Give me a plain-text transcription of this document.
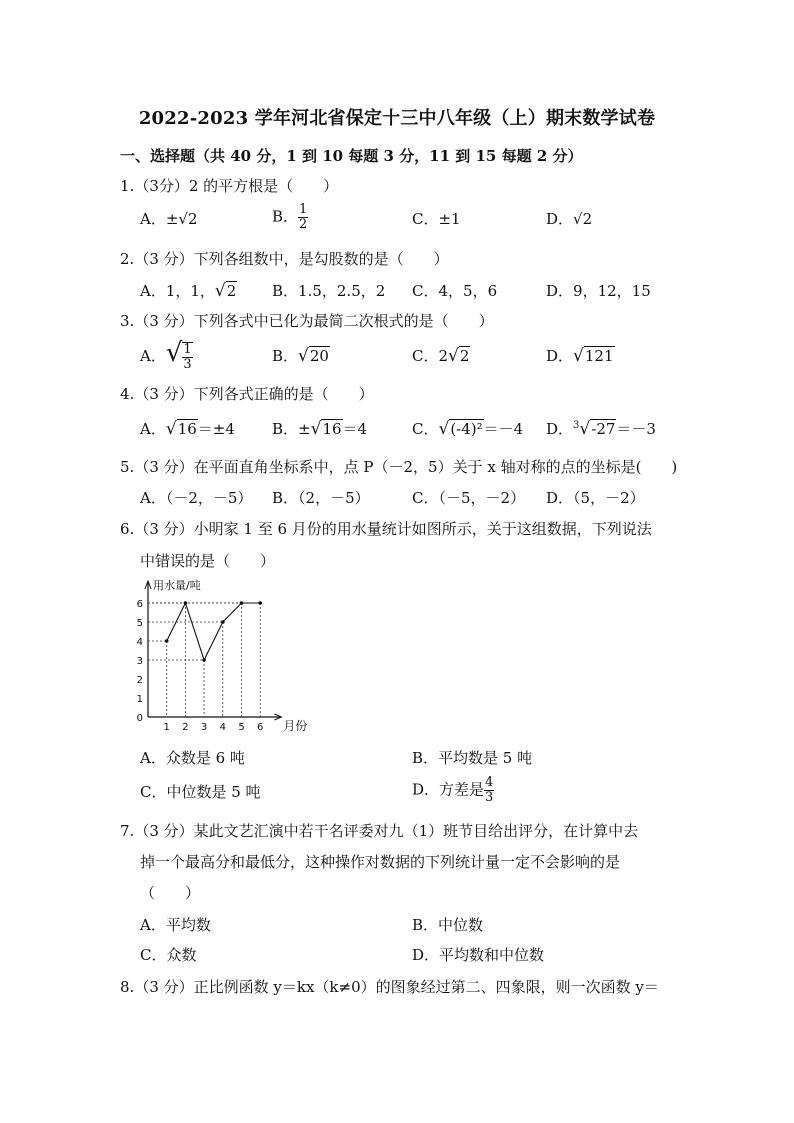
2022-2023 学年河北省保定十三中八年级（上）期末数学试卷
一、选择题（共 40 分，1 到 10 每题 3 分，11 到 15 每题 2 分）
1.（3分）2 的平方根是（　　）
A．±√2	B． $\frac{1}{2}$	C．±1	D．√2
2.（3 分）下列各组数中，是勾股数的是（　　）
A．1，1，√2 B．1.5，2.5，2 C．4，5，6	D．9，12，15
3.（3 分）下列各式中已化为最简二次根式的是（　　）
A．√ $\frac{1}{3}$	B．√20	C．2√2	D．√121
4.（3 分）下列各式正确的是（　　）
A．√16＝±4 B．±√16＝4	C．√(-4)²＝－4 D．$^3$√-27＝－3
5.（3 分）在平面直角坐标系中，点 P（－2，5）关于 x 轴对称的点的坐标是(　　)
A．（－2，－5） B．（2，－5）	C．（－5，－2） D．（5，－2）
6.（3 分）小明家 1 至 6 月份的用水量统计如图所示，关于这组数据，下列说法
中错误的是（　　）
0
1
2
3
4
5
6
1 2 3 4 5 6
用水量/吨
月份
A．众数是 6 吨	B．平均数是 5 吨
C．中位数是 5 吨	D．方差是 $\frac{4}{3}$
7.（3 分）某此文艺汇演中若干名评委对九（1）班节目给出评分，在计算中去
掉一个最高分和最低分，这种操作对数据的下列统计量一定不会影响的是
（　　）
A．平均数	B．中位数
C．众数	D．平均数和中位数
8.（3 分）正比例函数 y＝kx（k≠0）的图象经过第二、四象限，则一次函数 y＝
